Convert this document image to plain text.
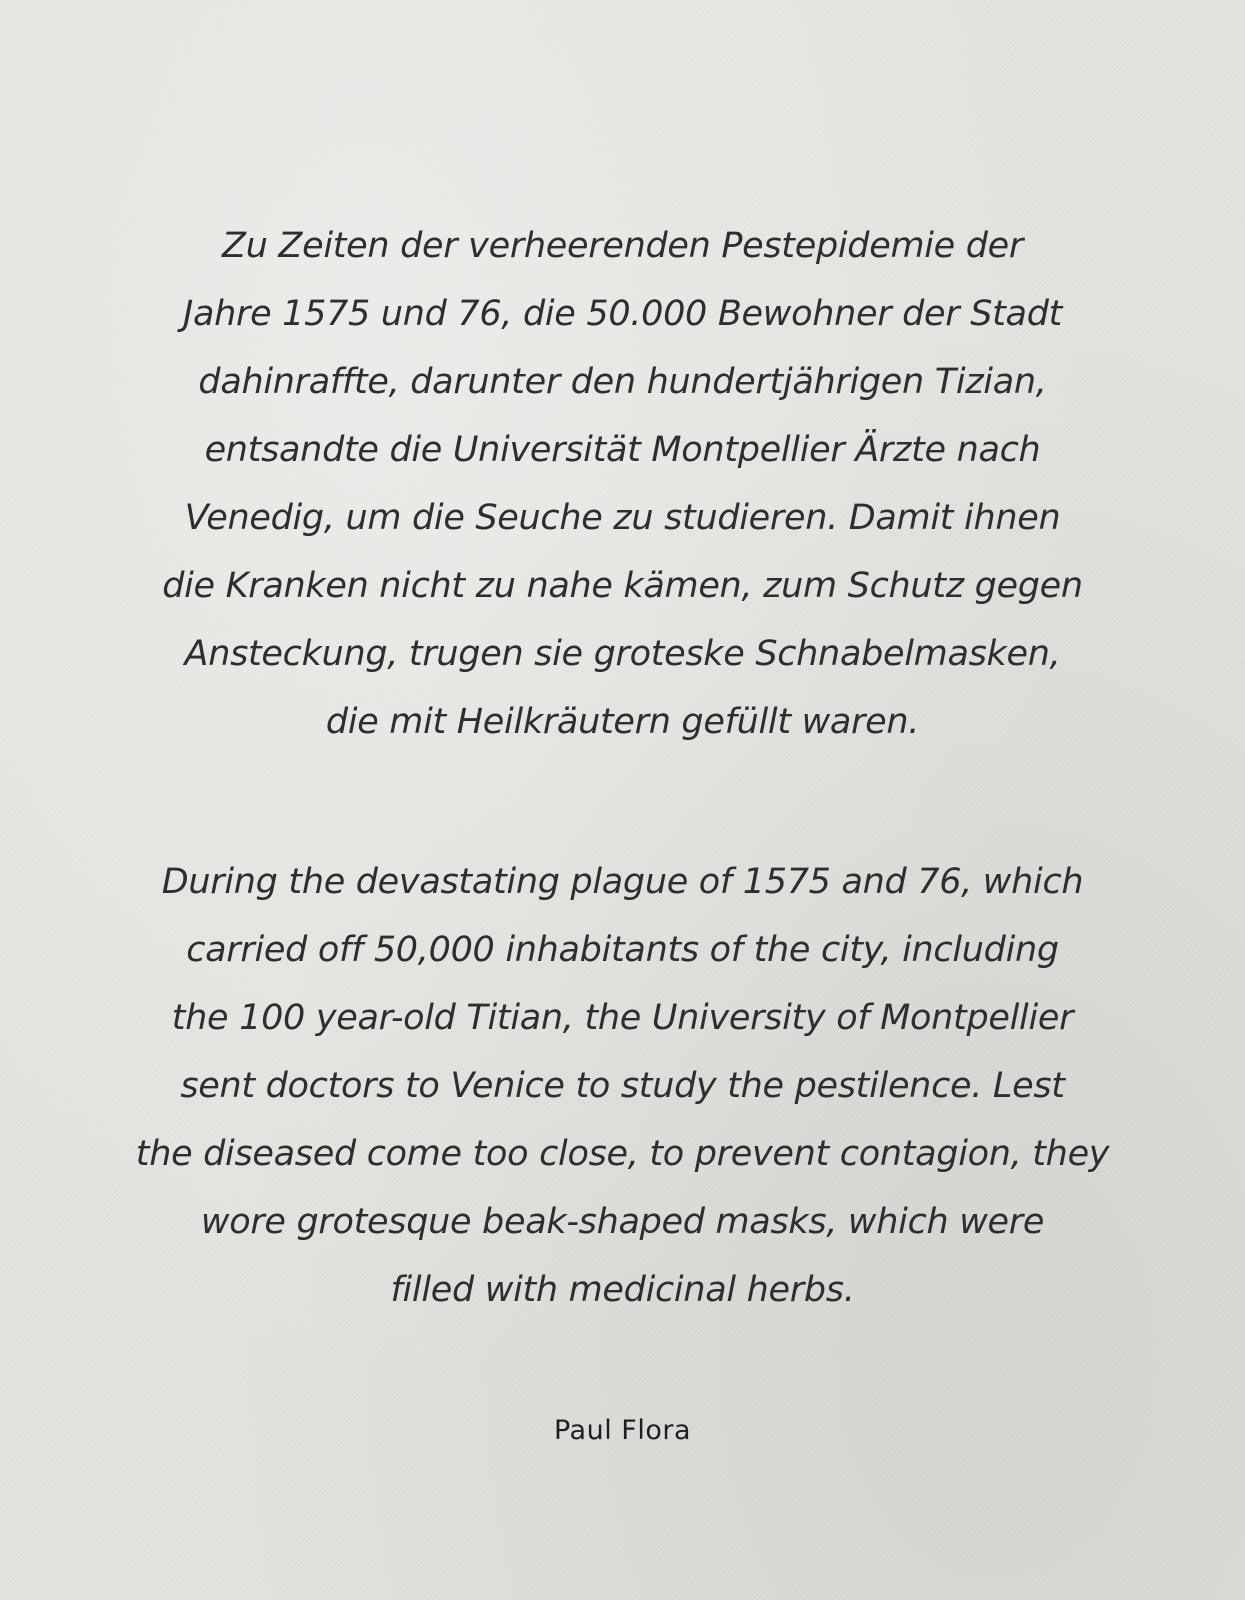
Zu Zeiten der verheerenden Pestepidemie der
Jahre 1575 und 76, die 50.000 Bewohner der Stadt
dahinraffte, darunter den hundertjährigen Tizian,
entsandte die Universität Montpellier Ärzte nach
Venedig, um die Seuche zu studieren. Damit ihnen
die Kranken nicht zu nahe kämen, zum Schutz gegen
Ansteckung, trugen sie groteske Schnabelmasken,
die mit Heilkräutern gefüllt waren.
During the devastating plague of 1575 and 76, which
carried off 50,000 inhabitants of the city, including
the 100 year-old Titian, the University of Montpellier
sent doctors to Venice to study the pestilence. Lest
the diseased come too close, to prevent contagion, they
wore grotesque beak-shaped masks, which were
filled with medicinal herbs.
Paul Flora
